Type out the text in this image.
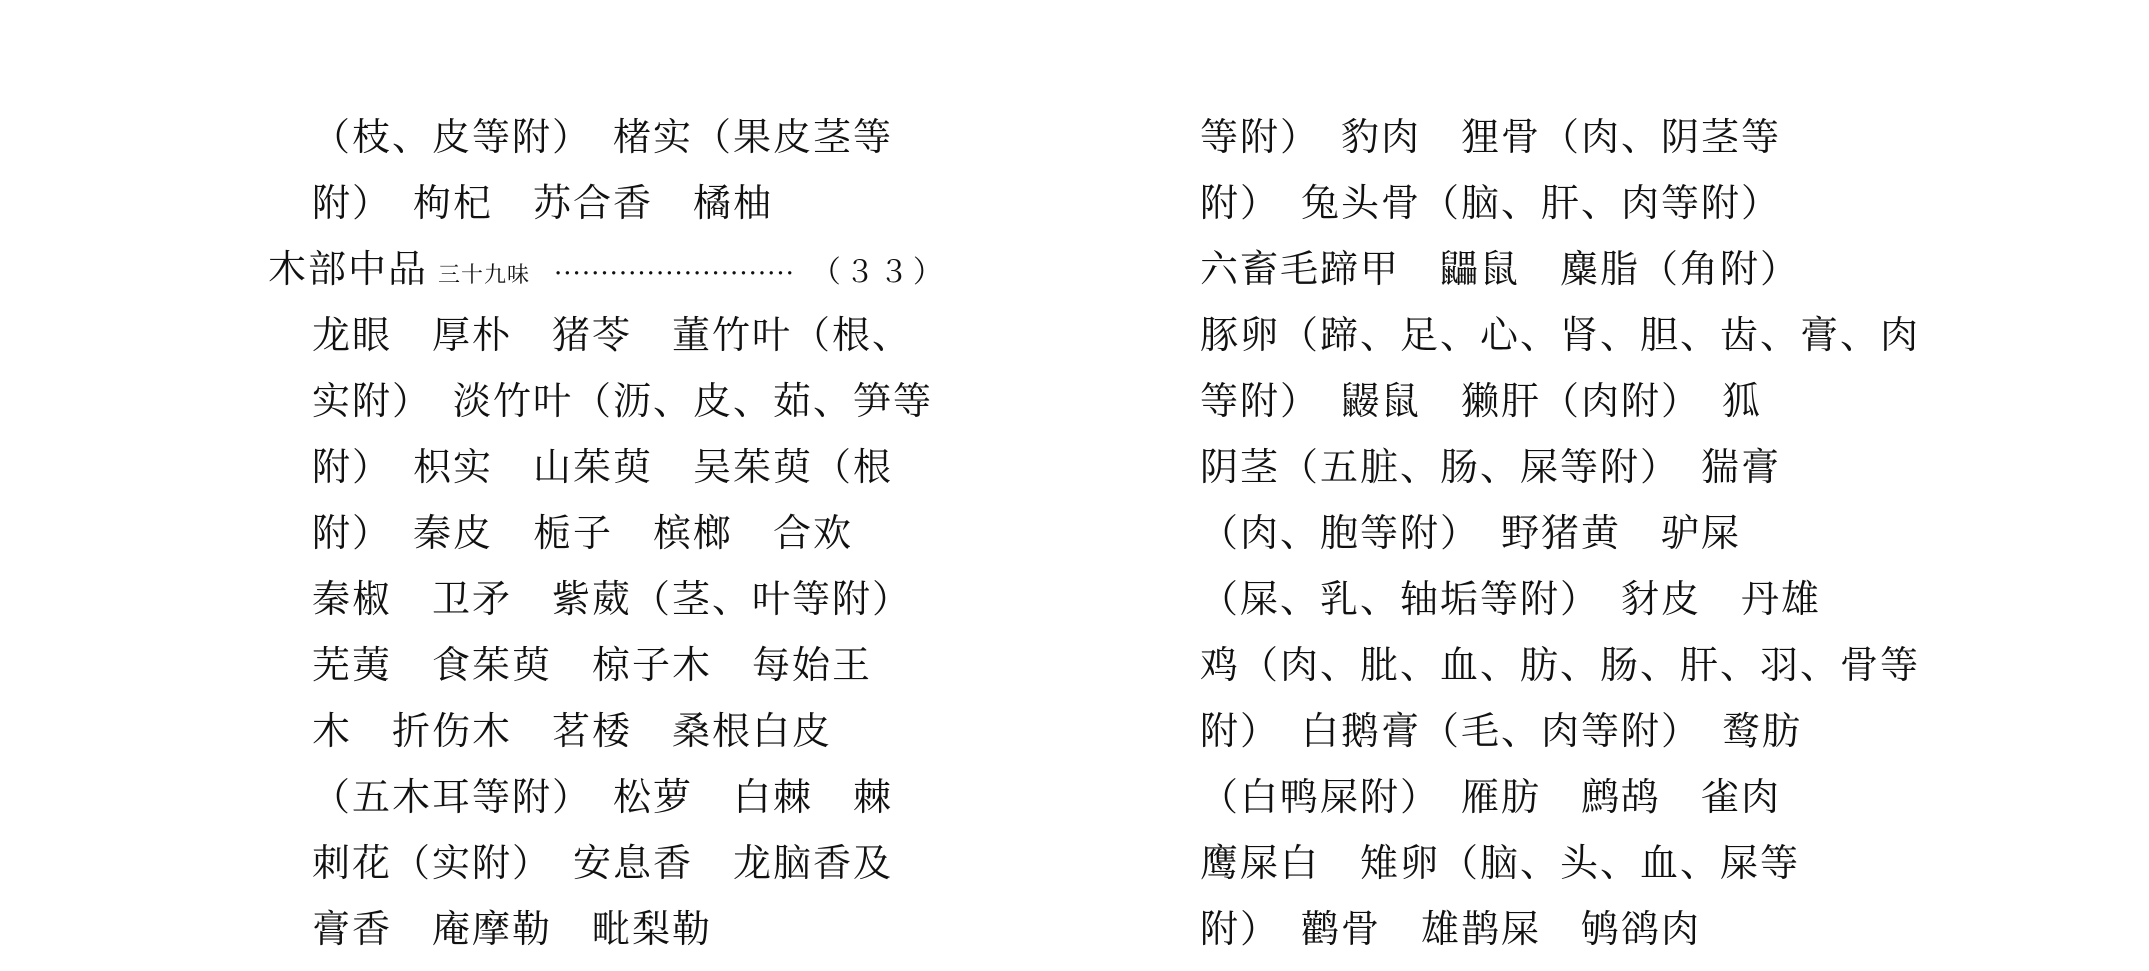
（枝、皮等附）　楮实（果皮茎等
附）　枸杞　苏合香　橘柚
木部中品 三十九味 ·························· （３３）
龙眼　厚朴　猪苓　董竹叶（根、
实附）　淡竹叶（沥、皮、茹、笋等
附）　枳实　山茱萸　吴茱萸（根
附）　秦皮　栀子　槟榔　合欢
秦椒　卫矛　紫葳（茎、叶等附）
芜荑　食茱萸　椋子木　每始王
木　折伤木　茗㮃　桑根白皮
（五木耳等附）　松萝　白棘　棘
刺花（实附）　安息香　龙脑香及
膏香　庵摩勒　毗梨勒
等附）　豹肉　狸骨（肉、阴茎等
附）　兔头骨（脑、肝、肉等附）
六畜毛蹄甲　鼺鼠　麋脂（角附）
豚卵（蹄、足、心、肾、胆、齿、膏、肉
等附）　鼹鼠　獭肝（肉附）　狐
阴茎（五脏、肠、屎等附）　猯膏
（肉、胞等附）　野猪黄　驴屎
（屎、乳、轴垢等附）　豺皮　丹雄
鸡（肉、肶、血、肪、肠、肝、羽、骨等
附）　白鹅膏（毛、肉等附）　鹜肪
（白鸭屎附）　雁肪　鹧鸪　雀肉
鹰屎白　雉卵（脑、头、血、屎等
附）　鹳骨　雄鹊屎　鸲鹆肉
